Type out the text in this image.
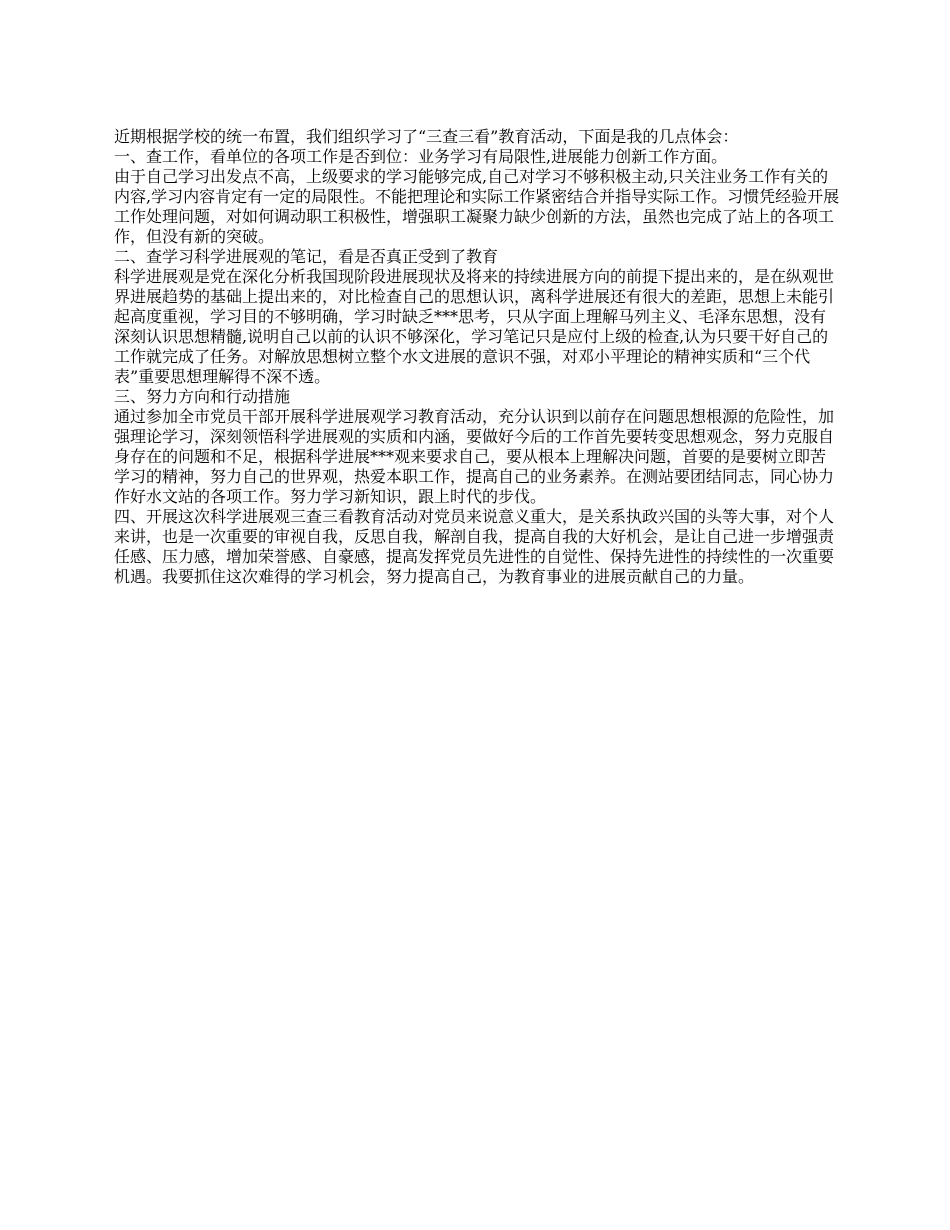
近期根据学校的统一布置，我们组织学习了“三查三看”教育活动，下面是我的几点体会：

一、查工作，看单位的各项工作是否到位：业务学习有局限性,进展能力创新工作方面。

由于自己学习出发点不高，上级要求的学习能够完成,自己对学习不够积极主动,只关注业务工作有关的内容,学习内容肯定有一定的局限性。不能把理论和实际工作紧密结合并指导实际工作。习惯凭经验开展工作处理问题，对如何调动职工积极性，增强职工凝聚力缺少创新的方法，虽然也完成了站上的各项工作，但没有新的突破。

二、查学习科学进展观的笔记，看是否真正受到了教育

科学进展观是党在深化分析我国现阶段进展现状及将来的持续进展方向的前提下提出来的，是在纵观世界进展趋势的基础上提出来的，对比检查自己的思想认识，离科学进展还有很大的差距，思想上未能引起高度重视，学习目的不够明确，学习时缺乏***思考，只从字面上理解马列主义、毛泽东思想，没有深刻认识思想精髓,说明自己以前的认识不够深化，学习笔记只是应付上级的检查,认为只要干好自己的工作就完成了任务。对解放思想树立整个水文进展的意识不强，对邓小平理论的精神实质和“三个代表”重要思想理解得不深不透。

三、努力方向和行动措施

通过参加全市党员干部开展科学进展观学习教育活动，充分认识到以前存在问题思想根源的危险性，加强理论学习，深刻领悟科学进展观的实质和内涵，要做好今后的工作首先要转变思想观念，努力克服自身存在的问题和不足，根据科学进展***观来要求自己，要从根本上理解决问题，首要的是要树立即苦学习的精神，努力自己的世界观，热爱本职工作，提高自己的业务素养。在测站要团结同志，同心协力作好水文站的各项工作。努力学习新知识，跟上时代的步伐。

四、开展这次科学进展观三查三看教育活动对党员来说意义重大，是关系执政兴国的头等大事，对个人来讲，也是一次重要的审视自我，反思自我，解剖自我，提高自我的大好机会，是让自己进一步增强责任感、压力感，增加荣誉感、自豪感，提高发挥党员先进性的自觉性、保持先进性的持续性的一次重要机遇。我要抓住这次难得的学习机会，努力提高自己，为教育事业的进展贡献自己的力量。
